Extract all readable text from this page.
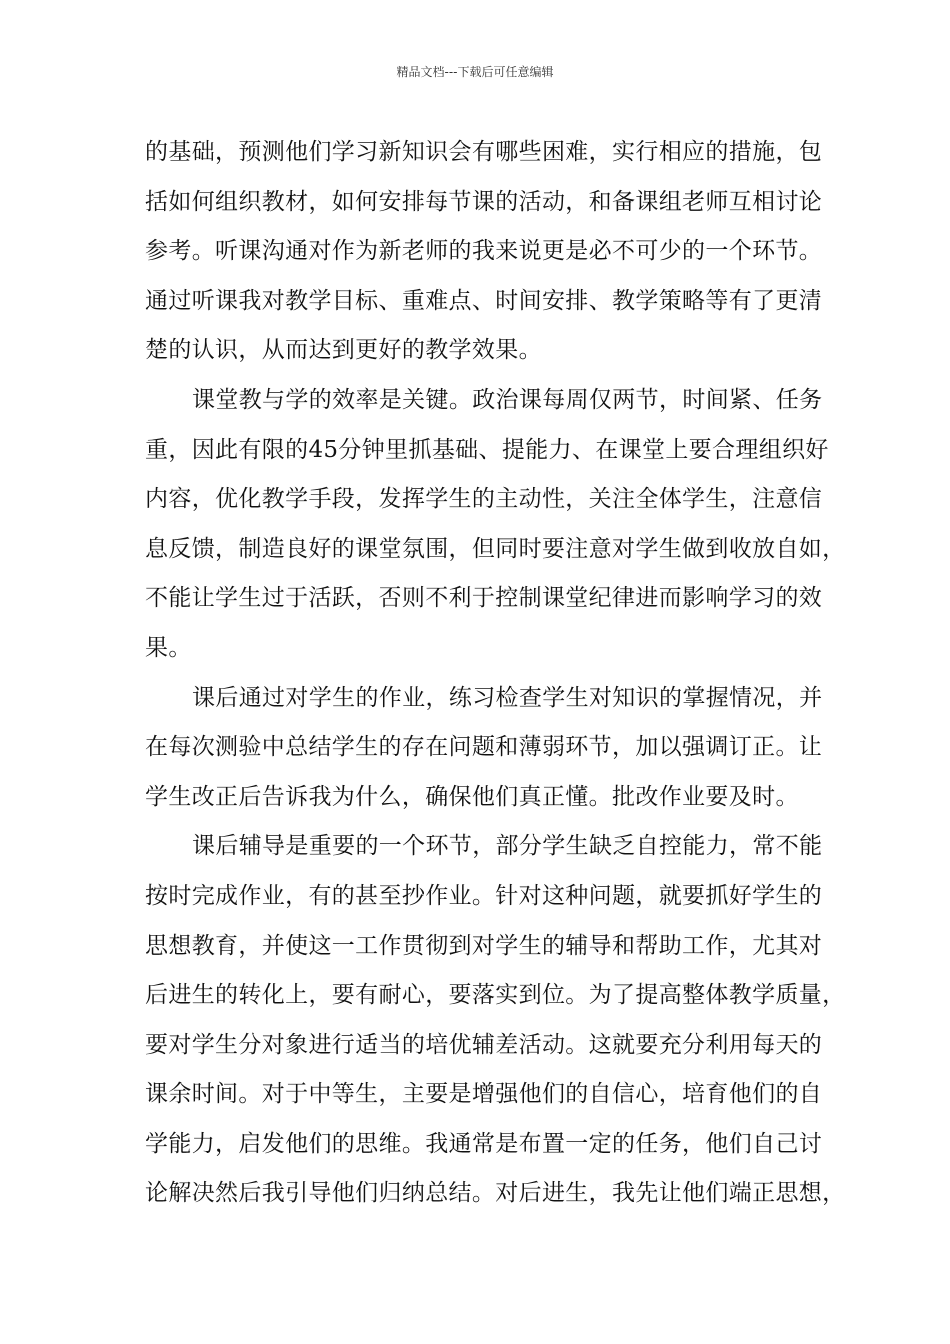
精品文档---下载后可任意编辑
的基础，预测他们学习新知识会有哪些困难，实行相应的措施，包
括如何组织教材，如何安排每节课的活动，和备课组老师互相讨论
参考。听课沟通对作为新老师的我来说更是必不可少的一个环节。
通过听课我对教学目标、重难点、时间安排、教学策略等有了更清
楚的认识，从而达到更好的教学效果。
课堂教与学的效率是关键。政治课每周仅两节，时间紧、任务
重，因此有限的45分钟里抓基础、提能力、在课堂上要合理组织好
内容，优化教学手段，发挥学生的主动性，关注全体学生，注意信
息反馈，制造良好的课堂氛围，但同时要注意对学生做到收放自如，
不能让学生过于活跃，否则不利于控制课堂纪律进而影响学习的效
果。
课后通过对学生的作业，练习检查学生对知识的掌握情况，并
在每次测验中总结学生的存在问题和薄弱环节，加以强调订正。让
学生改正后告诉我为什么，确保他们真正懂。批改作业要及时。
课后辅导是重要的一个环节，部分学生缺乏自控能力，常不能
按时完成作业，有的甚至抄作业。针对这种问题，就要抓好学生的
思想教育，并使这一工作贯彻到对学生的辅导和帮助工作，尤其对
后进生的转化上，要有耐心，要落实到位。为了提高整体教学质量，
要对学生分对象进行适当的培优辅差活动。这就要充分利用每天的
课余时间。对于中等生，主要是增强他们的自信心，培育他们的自
学能力，启发他们的思维。我通常是布置一定的任务，他们自己讨
论解决然后我引导他们归纳总结。对后进生，我先让他们端正思想，
